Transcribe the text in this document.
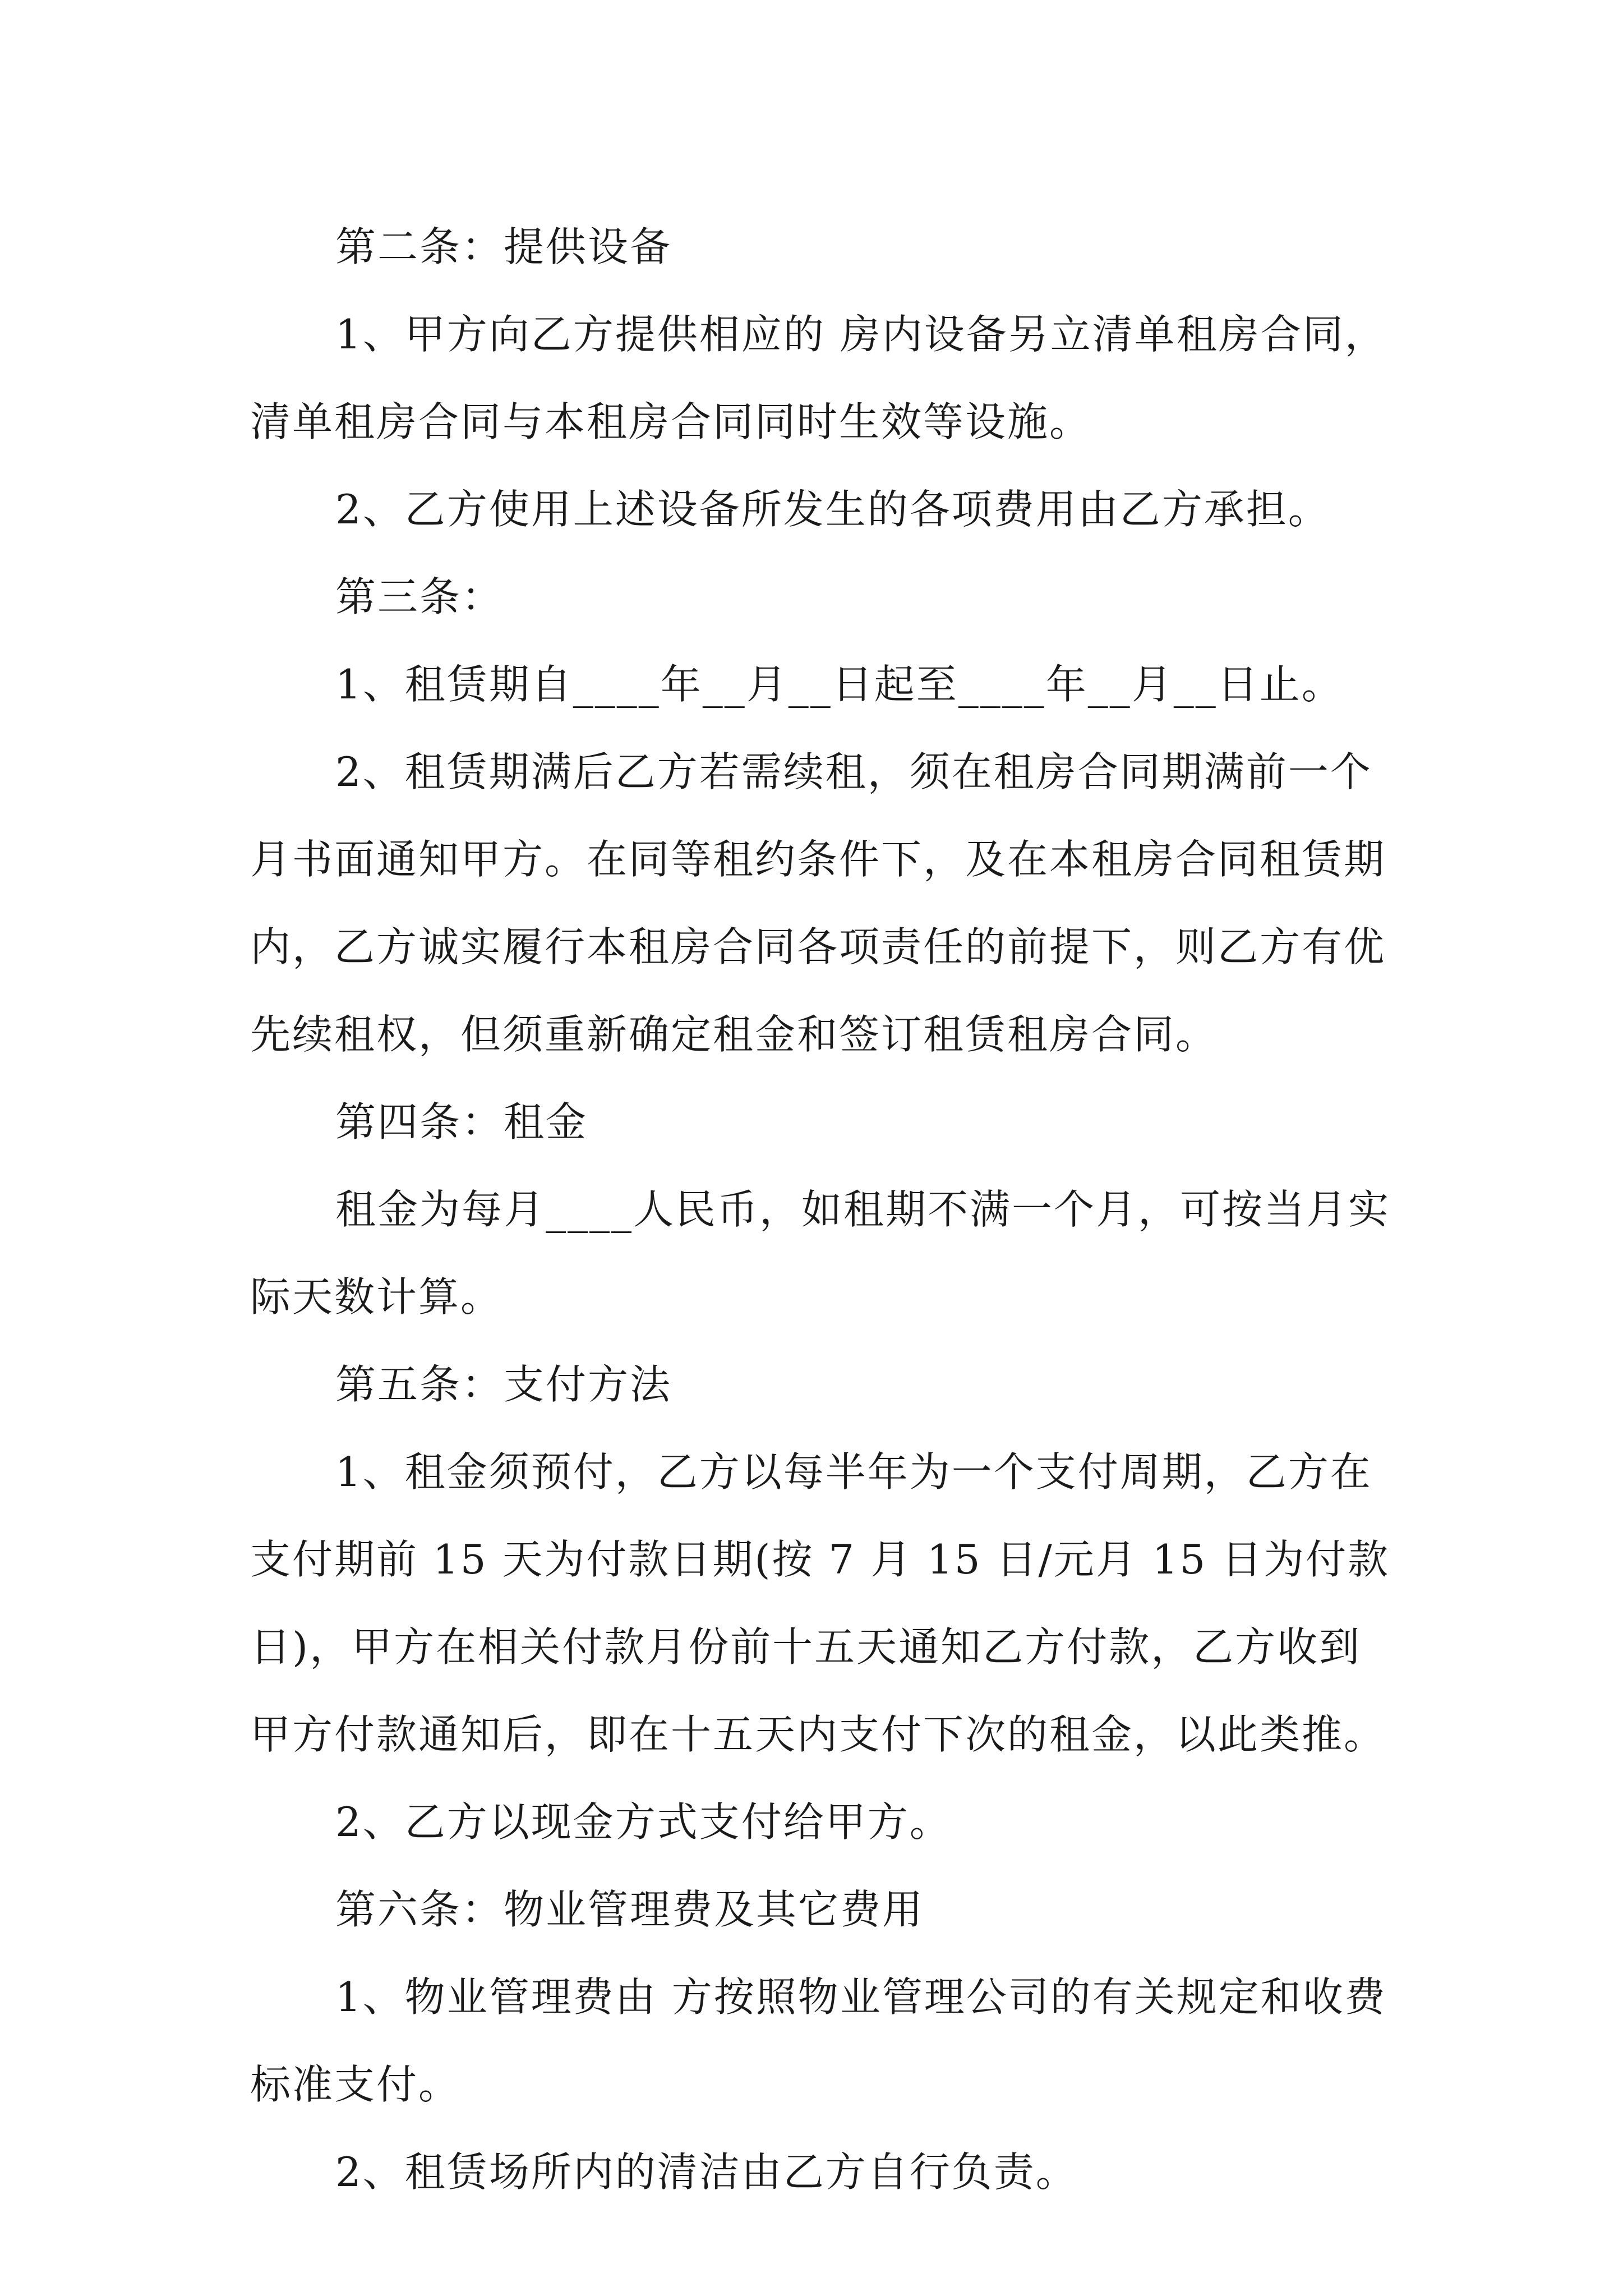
第二条：提供设备

1、甲方向乙方提供相应的 房内设备另立清单租房合同，清单租房合同与本租房合同同时生效等设施。

2、乙方使用上述设备所发生的各项费用由乙方承担。

第三条：

1、租赁期自____年__月__日起至____年__月__日止。

2、租赁期满后乙方若需续租，须在租房合同期满前一个月书面通知甲方。在同等租约条件下，及在本租房合同租赁期内，乙方诚实履行本租房合同各项责任的前提下，则乙方有优先续租权，但须重新确定租金和签订租赁租房合同。

第四条：租金

租金为每月____人民币，如租期不满一个月，可按当月实际天数计算。

第五条：支付方法

1、租金须预付，乙方以每半年为一个支付周期，乙方在支付期前 15 天为付款日期(按 7 月 15 日/元月 15 日为付款日)，甲方在相关付款月份前十五天通知乙方付款，乙方收到甲方付款通知后，即在十五天内支付下次的租金，以此类推。

2、乙方以现金方式支付给甲方。

第六条：物业管理费及其它费用

1、物业管理费由 方按照物业管理公司的有关规定和收费标准支付。

2、租赁场所内的清洁由乙方自行负责。
